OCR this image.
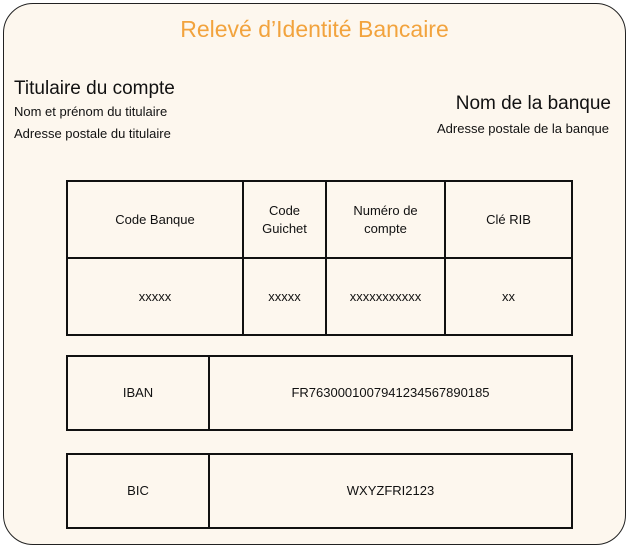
Relevé d’Identité Bancaire
Titulaire du compte
Nom et prénom du titulaire
Adresse postale du titulaire
Nom de la banque
Adresse postale de la banque
Code Banque	Code Guichet	Numéro de compte	Clé RIB
xxxxx	xxxxx	xxxxxxxxxxx	xx
IBAN	FR7630001007941234567890185
BIC	WXYZFRI2123
